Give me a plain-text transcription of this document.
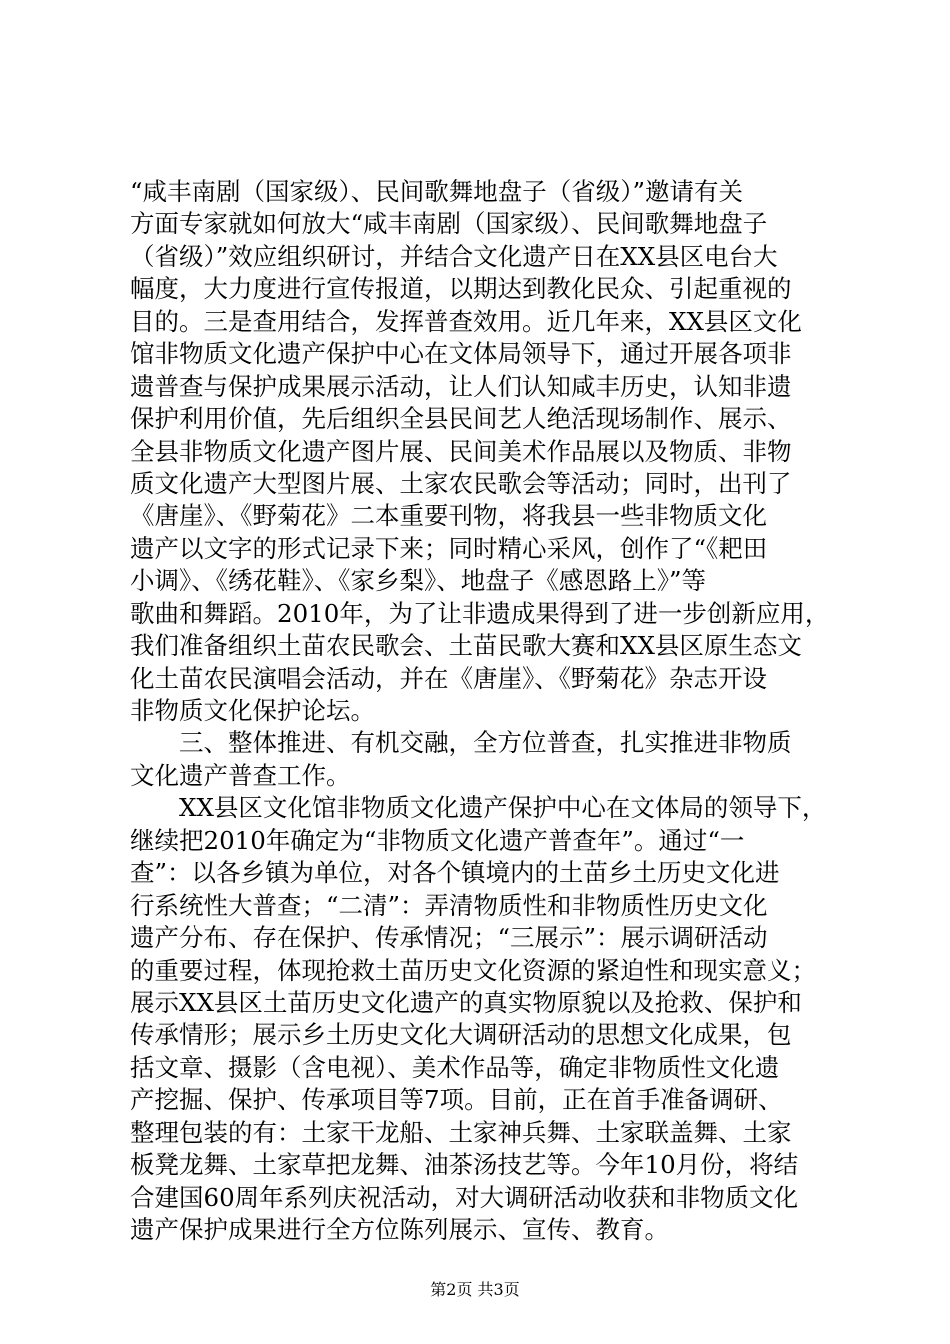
“咸丰南剧（国家级）、民间歌舞地盘子（省级）”邀请有关
方面专家就如何放大“咸丰南剧（国家级）、民间歌舞地盘子
（省级）”效应组织研讨，并结合文化遗产日在XX县区电台大
幅度，大力度进行宣传报道，以期达到教化民众、引起重视的
目的。三是查用结合，发挥普查效用。近几年来，XX县区文化
馆非物质文化遗产保护中心在文体局领导下，通过开展各项非
遗普查与保护成果展示活动，让人们认知咸丰历史，认知非遗
保护利用价值，先后组织全县民间艺人绝活现场制作、展示、
全县非物质文化遗产图片展、民间美术作品展以及物质、非物
质文化遗产大型图片展、土家农民歌会等活动；同时，出刊了
《唐崖》、《野菊花》二本重要刊物，将我县一些非物质文化
遗产以文字的形式记录下来；同时精心采风，创作了“《耙田
小调》、《绣花鞋》、《家乡梨》、地盘子《感恩路上》”等
歌曲和舞蹈。2010年，为了让非遗成果得到了进一步创新应用，
我们准备组织土苗农民歌会、土苗民歌大赛和XX县区原生态文
化土苗农民演唱会活动，并在《唐崖》、《野菊花》杂志开设
非物质文化保护论坛。
三、整体推进、有机交融，全方位普查，扎实推进非物质
文化遗产普查工作。
XX县区文化馆非物质文化遗产保护中心在文体局的领导下，
继续把2010年确定为“非物质文化遗产普查年”。通过“一
查”：以各乡镇为单位，对各个镇境内的土苗乡土历史文化进
行系统性大普查；“二清”：弄清物质性和非物质性历史文化
遗产分布、存在保护、传承情况；“三展示”：展示调研活动
的重要过程，体现抢救土苗历史文化资源的紧迫性和现实意义；
展示XX县区土苗历史文化遗产的真实物原貌以及抢救、保护和
传承情形；展示乡土历史文化大调研活动的思想文化成果，包
括文章、摄影（含电视）、美术作品等，确定非物质性文化遗
产挖掘、保护、传承项目等7项。目前，正在首手准备调研、
整理包装的有：土家干龙船、土家神兵舞、土家联盖舞、土家
板凳龙舞、土家草把龙舞、油茶汤技艺等。今年10月份，将结
合建国60周年系列庆祝活动，对大调研活动收获和非物质文化
遗产保护成果进行全方位陈列展示、宣传、教育。
第2页 共3页
